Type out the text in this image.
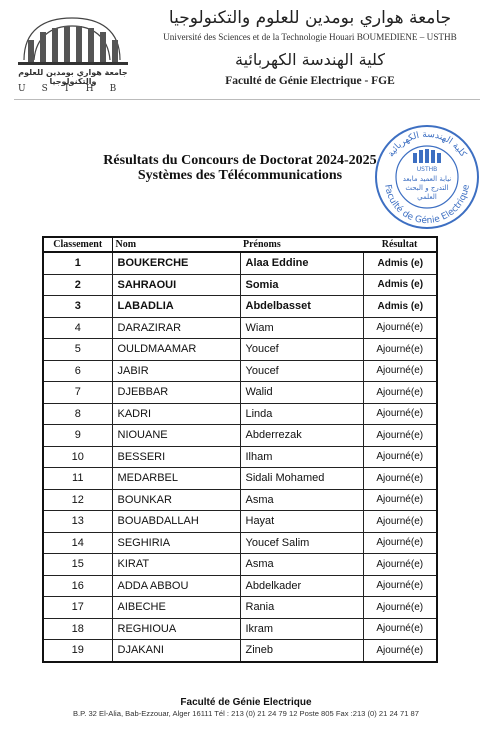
جامعة هواري بومدين للعلوم والتكنولوجيا
USTHB
جامعة هواري بومدين للعلوم والتكنولوجيا
Université des Sciences et de la Technologie Houari BOUMEDIENE – USTHB
كلية الهندسة الكهربائية
Faculté de Génie Electrique - FGE
Résultats du Concours de Doctorat 2024-2025
Systèmes des Télécommunications
كلية الهندسة الكهربائية
Faculté de Génie Electrique
USTHB
نيابة العميد مابعد
التدرج و البحث
العلمي
Classement	Nom	Prénoms	Résultat
1	BOUKERCHE	Alaa Eddine	Admis (e)
2	SAHRAOUI	Somia	Admis (e)
3	LABADLIA	Abdelbasset	Admis (e)
4	DARAZIRAR	Wiam	Ajourné(e)
5	OULDMAAMAR	Youcef	Ajourné(e)
6	JABIR	Youcef	Ajourné(e)
7	DJEBBAR	Walid	Ajourné(e)
8	KADRI	Linda	Ajourné(e)
9	NIOUANE	Abderrezak	Ajourné(e)
10	BESSERI	Ilham	Ajourné(e)
11	MEDARBEL	Sidali Mohamed	Ajourné(e)
12	BOUNKAR	Asma	Ajourné(e)
13	BOUABDALLAH	Hayat	Ajourné(e)
14	SEGHIRIA	Youcef Salim	Ajourné(e)
15	KIRAT	Asma	Ajourné(e)
16	ADDA ABBOU	Abdelkader	Ajourné(e)
17	AIBECHE	Rania	Ajourné(e)
18	REGHIOUA	Ikram	Ajourné(e)
19	DJAKANI	Zineb	Ajourné(e)
Faculté de Génie Electrique
B.P. 32 El-Alia, Bab-Ezzouar, Alger 16111 Tél : 213 (0) 21 24 79 12 Poste 805 Fax :213 (0) 21 24 71 87
